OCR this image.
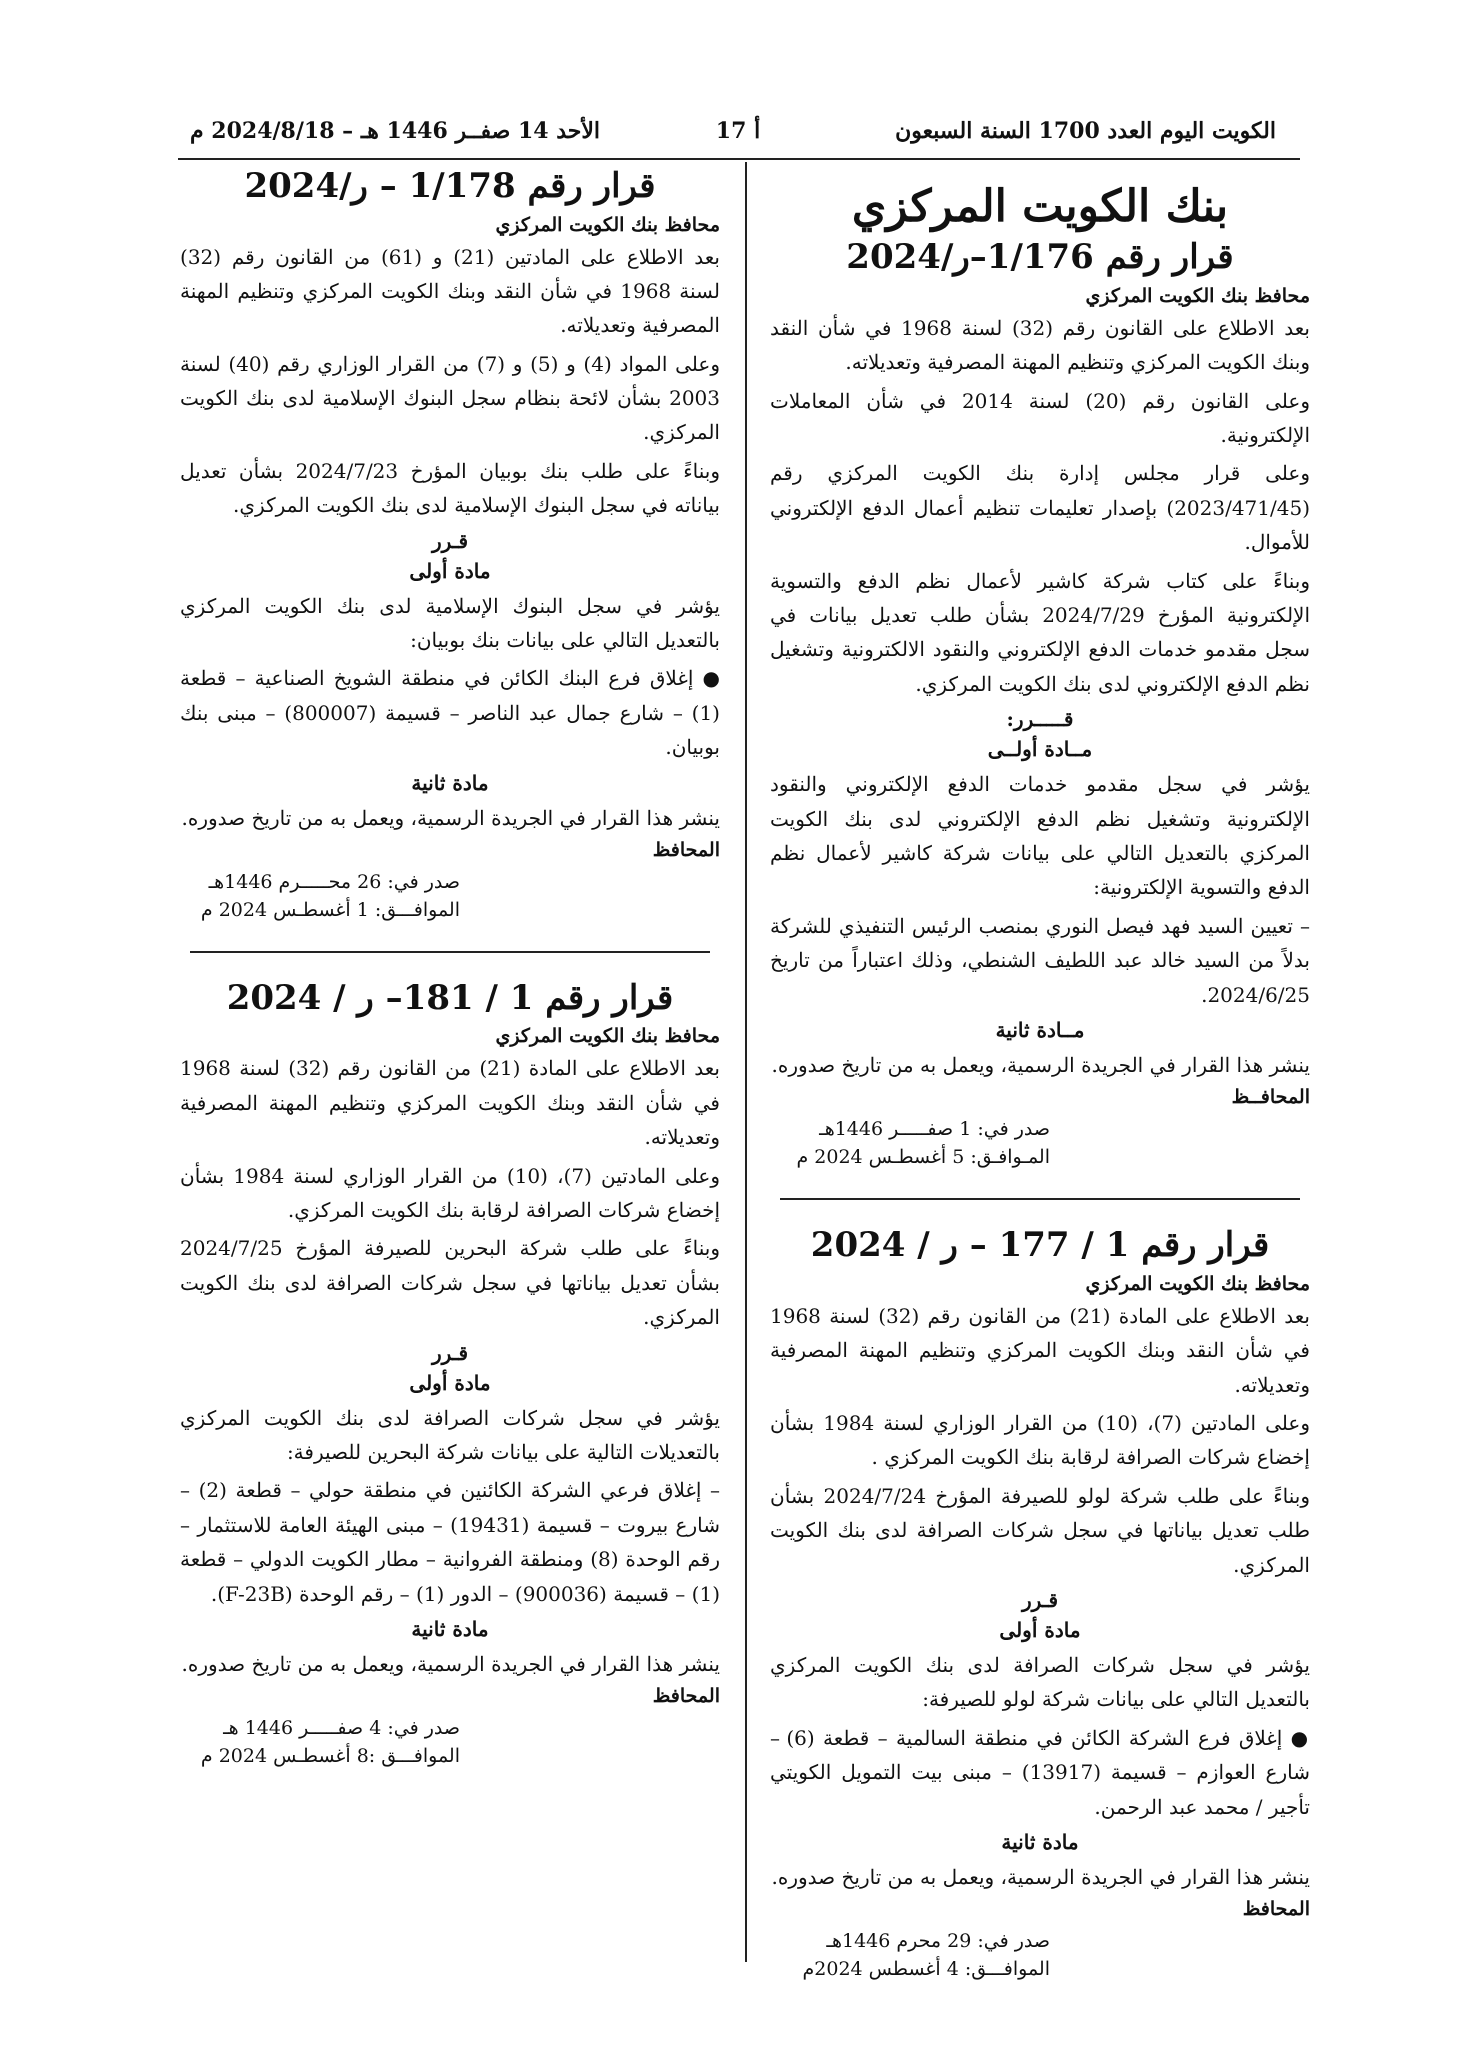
الكويت اليوم العدد 1700 السنة السبعون
أ 17
الأحد 14 صفــر 1446 هـ – 2024/8/18 م
بنك الكويت المركزي
قرار رقم 1/176–ر/2024
محافظ بنك الكويت المركزي

بعد الاطلاع على القانون رقم (32) لسنة 1968 في شأن النقد وبنك الكويت المركزي وتنظيم المهنة المصرفية وتعديلاته.

وعلى القانون رقم (20) لسنة 2014 في شأن المعاملات الإلكترونية.

وعلى قرار مجلس إدارة بنك الكويت المركزي رقم (2023/471/45) بإصدار تعليمات تنظيم أعمال الدفع الإلكتروني للأموال.

وبناءً على كتاب شركة كاشير لأعمال نظم الدفع والتسوية الإلكترونية المؤرخ 2024/7/29 بشأن طلب تعديل بيانات في سجل مقدمو خدمات الدفع الإلكتروني والنقود الالكترونية وتشغيل نظم الدفع الإلكتروني لدى بنك الكويت المركزي.

قـــــرر:
مــادة أولــى

يؤشر في سجل مقدمو خدمات الدفع الإلكتروني والنقود الإلكترونية وتشغيل نظم الدفع الإلكتروني لدى بنك الكويت المركزي بالتعديل التالي على بيانات شركة كاشير لأعمال نظم الدفع والتسوية الإلكترونية:

– تعيين السيد فهد فيصل النوري بمنصب الرئيس التنفيذي للشركة بدلاً من السيد خالد عبد اللطيف الشنطي، وذلك اعتباراً من تاريخ 2024/6/25.

مــادة ثانية

ينشر هذا القرار في الجريدة الرسمية، ويعمل به من تاريخ صدوره.

المحافــظ
صدر في: 1 صفـــــر 1446هـ
المـوافـق: 5 أغسطـس 2024 م
قرار رقم 1 / 177 – ر / 2024
محافظ بنك الكويت المركزي

بعد الاطلاع على المادة (21) من القانون رقم (32) لسنة 1968 في شأن النقد وبنك الكويت المركزي وتنظيم المهنة المصرفية وتعديلاته.

وعلى المادتين (7)، (10) من القرار الوزاري لسنة 1984 بشأن إخضاع شركات الصرافة لرقابة بنك الكويت المركزي .

وبناءً على طلب شركة لولو للصيرفة المؤرخ 2024/7/24 بشأن طلب تعديل بياناتها في سجل شركات الصرافة لدى بنك الكويت المركزي.

قـرر
مادة أولى

يؤشر في سجل شركات الصرافة لدى بنك الكويت المركزي بالتعديل التالي على بيانات شركة لولو للصيرفة:

● إغلاق فرع الشركة الكائن في منطقة السالمية – قطعة (6) – شارع العوازم – قسيمة (13917) – مبنى بيت التمويل الكويتي تأجير / محمد عبد الرحمن.

مادة ثانية

ينشر هذا القرار في الجريدة الرسمية، ويعمل به من تاريخ صدوره.

المحافظ
صدر في: 29 محرم 1446هـ
الموافـــق: 4 أغسطس 2024م
قرار رقم 1/178 – ر/2024
محافظ بنك الكويت المركزي

بعد الاطلاع على المادتين (21) و (61) من القانون رقم (32) لسنة 1968 في شأن النقد وبنك الكويت المركزي وتنظيم المهنة المصرفية وتعديلاته.

وعلى المواد (4) و (5) و (7) من القرار الوزاري رقم (40) لسنة 2003 بشأن لائحة بنظام سجل البنوك الإسلامية لدى بنك الكويت المركزي.

وبناءً على طلب بنك بوبيان المؤرخ 2024/7/23 بشأن تعديل بياناته في سجل البنوك الإسلامية لدى بنك الكويت المركزي.

قـرر
مادة أولى

يؤشر في سجل البنوك الإسلامية لدى بنك الكويت المركزي بالتعديل التالي على بيانات بنك بوبيان:

● إغلاق فرع البنك الكائن في منطقة الشويخ الصناعية – قطعة (1) – شارع جمال عبد الناصر – قسيمة (800007) – مبنى بنك بوبيان.

مادة ثانية

ينشر هذا القرار في الجريدة الرسمية، ويعمل به من تاريخ صدوره.

المحافظ
صدر في: 26 محـــــرم 1446هـ
الموافـــق: 1 أغسطـس 2024 م
قرار رقم 1 / 181– ر / 2024
محافظ بنك الكويت المركزي

بعد الاطلاع على المادة (21) من القانون رقم (32) لسنة 1968 في شأن النقد وبنك الكويت المركزي وتنظيم المهنة المصرفية وتعديلاته.

وعلى المادتين (7)، (10) من القرار الوزاري لسنة 1984 بشأن إخضاع شركات الصرافة لرقابة بنك الكويت المركزي.

وبناءً على طلب شركة البحرين للصيرفة المؤرخ 2024/7/25 بشأن تعديل بياناتها في سجل شركات الصرافة لدى بنك الكويت المركزي.

قـرر
مادة أولى

يؤشر في سجل شركات الصرافة لدى بنك الكويت المركزي بالتعديلات التالية على بيانات شركة البحرين للصيرفة:

– إغلاق فرعي الشركة الكائنين في منطقة حولي – قطعة (2) – شارع بيروت – قسيمة (19431) – مبنى الهيئة العامة للاستثمار – رقم الوحدة (8) ومنطقة الفروانية – مطار الكويت الدولي – قطعة (1) – قسيمة (900036) – الدور (1) – رقم الوحدة (F-23B).

مادة ثانية

ينشر هذا القرار في الجريدة الرسمية، ويعمل به من تاريخ صدوره.

المحافظ
صدر في: 4 صفـــــر 1446 هـ
الموافـــق :8 أغسطـس 2024 م
